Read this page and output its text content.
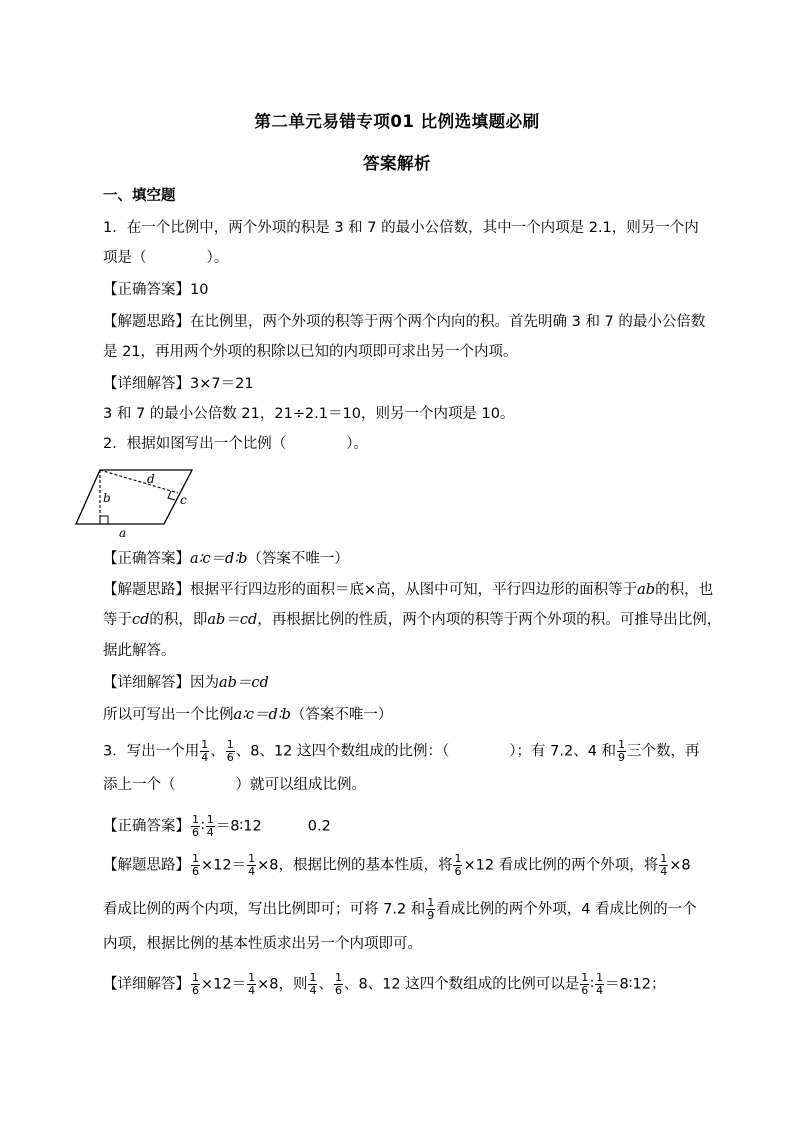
第二单元易错专项01 比例选填题必刷
答案解析
一、填空题
1．在一个比例中，两个外项的积是 3 和 7 的最小公倍数，其中一个内项是 2.1，则另一个内
项是（	）。
【正确答案】10
【解题思路】在比例里，两个外项的积等于两个两个内向的积。首先明确 3 和 7 的最小公倍数
是 21，再用两个外项的积除以已知的内项即可求出另一个内项。
【详细解答】3×7＝21
3 和 7 的最小公倍数 21，21÷2.1＝10，则另一个内项是 10。
2．根据如图写出一个比例（	）。
b
d
c
a
【正确答案】a∶c＝d∶b（答案不唯一）
【解题思路】根据平行四边形的面积＝底×高，从图中可知，平行四边形的面积等于ab的积，也
等于cd的积，即ab＝cd，再根据比例的性质，两个内项的积等于两个外项的积。可推导出比例，
据此解答。
【详细解答】因为ab＝cd
所以可写出一个比例a∶c＝d∶b（答案不唯一）
3．写出一个用 $\frac{1}{4}$ 、 $\frac{1}{6}$ 、8、12 这四个数组成的比例：（	）；有 7.2、4 和 $\frac{1}{9}$ 三个数，再
添上一个（	）就可以组成比例。
【正确答案】 $\frac{1}{6}$ ∶ $\frac{1}{4}$ ＝8∶12	0.2
【解题思路】 $\frac{1}{6} \times 12= \frac{1}{4} \times 8$，根据比例的基本性质，将 $\frac{1}{6} \times 12$ 看成比例的两个外项，将 $\frac{1}{4} \times 8$
看成比例的两个内项，写出比例即可；可将 7.2 和 $\frac{1}{9}$ 看成比例的两个外项，4 看成比例的一个
内项，根据比例的基本性质求出另一个内项即可。
【详细解答】 $\frac{1}{6} \times 12= \frac{1}{4} \times 8$，则 $\frac{1}{4}$ 、 $\frac{1}{6}$ 、8、12 这四个数组成的比例可以是 $\frac{1}{6}$ ∶ $\frac{1}{4}$ ＝8∶12；
